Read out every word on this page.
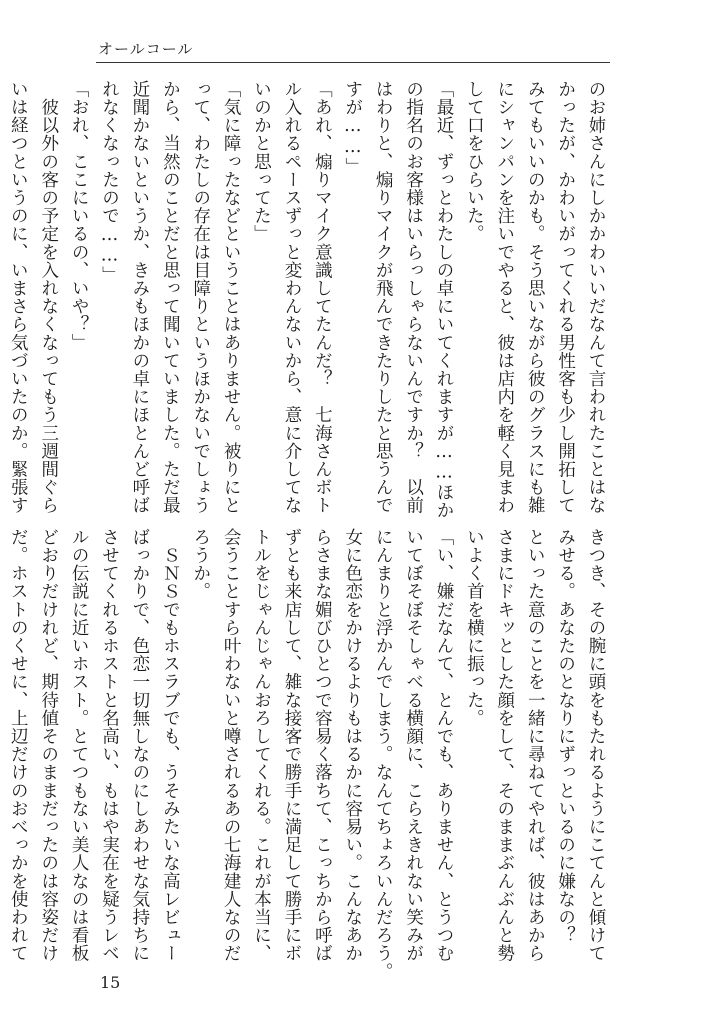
オールコール
のお姉さんにしかかわいいだなんて言われたことはな
かったが、かわいがってくれる男性客も少し開拓して
みてもいいのかも。そう思いながら彼のグラスにも雑
にシャンパンを注いでやると、彼は店内を軽く見まわ
して口をひらいた。
「最近、ずっとわたしの卓にいてくれますが……ほか
の指名のお客様はいらっしゃらないんですか？　以前
はわりと、煽りマイクが飛んできたりしたと思うんで
すが……」
「あれ、煽りマイク意識してたんだ？　七海さんボト
ル入れるペースずっと変わんないから、意に介してな
いのかと思ってた」
「気に障ったなどということはありません。被りにと
って、わたしの存在は目障りというほかないでしょう
から、当然のことだと思って聞いていました。ただ最
近聞かないというか、きみもほかの卓にほとんど呼ば
れなくなったので……」
「おれ、ここにいるの、いや？」
　彼以外の客の予定を入れなくなってもう三週間ぐら
いは経つというのに、いまさら気づいたのか。緊張す
きつき、その腕に頭をもたれるようにこてんと傾けて
みせる。あなたのとなりにずっといるのに嫌なの？　
といった意のことを一緒に尋ねてやれば、彼はあから
さまにドキッとした顔をして、そのままぶんぶんと勢
いよく首を横に振った。
「い、嫌だなんて、とんでも、ありません、とうつむ
いてぼそぼそしゃべる横顔に、こらえきれない笑みが
にんまりと浮かんでしまう。なんてちょろいんだろう。
女に色恋をかけるよりもはるかに容易い。こんなあか
らさまな媚びひとつで容易く落ちて、こっちから呼ば
ずとも来店して、雑な接客で勝手に満足して勝手にボ
トルをじゃんじゃんおろしてくれる。これが本当に、
会うことすら叶わないと噂されるあの七海建人なのだ
ろうか。
　ＳＮＳでもホスラブでも、うそみたいな高レビュー
ばっかりで、色恋一切無しなのにしあわせな気持ちに
させてくれるホストと名高い、もはや実在を疑うレベ
ルの伝説に近いホスト。とてつもない美人なのは看板
どおりだけれど、期待値そのままだったのは容姿だけ
だ。ホストのくせに、上辺だけのおべっかを使われて
15
